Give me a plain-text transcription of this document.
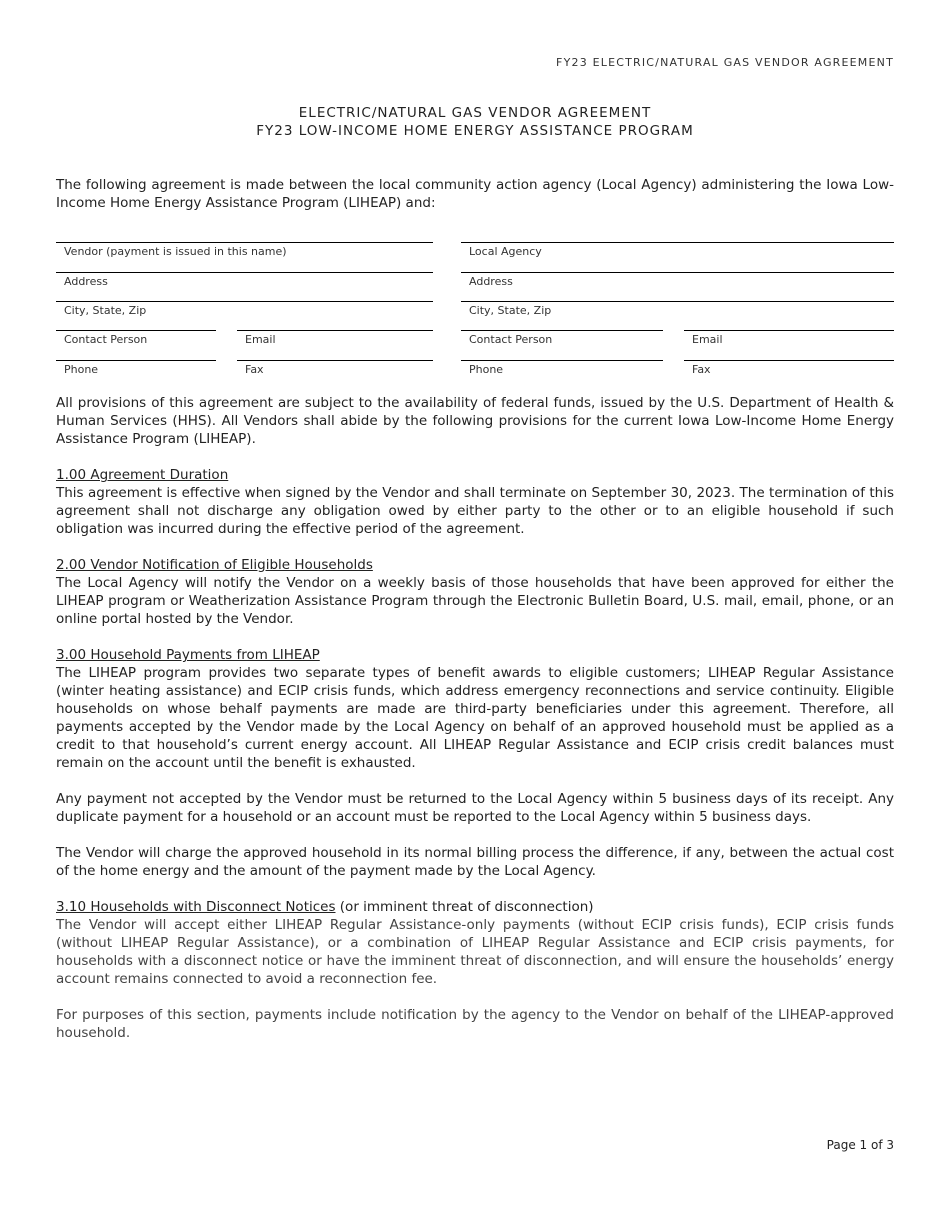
FY23 ELECTRIC/NATURAL GAS VENDOR AGREEMENT
ELECTRIC/NATURAL GAS VENDOR AGREEMENT
FY23 LOW-INCOME HOME ENERGY ASSISTANCE PROGRAM
The following agreement is made between the local community action agency (Local Agency) administering the Iowa Low-Income Home Energy Assistance Program (LIHEAP) and:
Vendor (payment is issued in this name)
Address
City, State, Zip
Contact Person	Email
Phone	Fax
Local Agency
Address
City, State, Zip
Contact Person	Email
Phone	Fax

All provisions of this agreement are subject to the availability of federal funds, issued by the U.S. Department of Health & Human Services (HHS). All Vendors shall abide by the following provisions for the current Iowa Low-Income Home Energy Assistance Program (LIHEAP).

1.00 Agreement Duration
This agreement is effective when signed by the Vendor and shall terminate on September 30, 2023. The termination of this agreement shall not discharge any obligation owed by either party to the other or to an eligible household if such obligation was incurred during the effective period of the agreement.
2.00 Vendor Notification of Eligible Households
The Local Agency will notify the Vendor on a weekly basis of those households that have been approved for either the LIHEAP program or Weatherization Assistance Program through the Electronic Bulletin Board, U.S. mail, email, phone, or an online portal hosted by the Vendor.
3.00 Household Payments from LIHEAP
The LIHEAP program provides two separate types of benefit awards to eligible customers; LIHEAP Regular Assistance (winter heating assistance) and ECIP crisis funds, which address emergency reconnections and service continuity. Eligible households on whose behalf payments are made are third-party beneficiaries under this agreement. Therefore, all payments accepted by the Vendor made by the Local Agency on behalf of an approved household must be applied as a credit to that household’s current energy account. All LIHEAP Regular Assistance and ECIP crisis credit balances must remain on the account until the benefit is exhausted.

Any payment not accepted by the Vendor must be returned to the Local Agency within 5 business days of its receipt. Any duplicate payment for a household or an account must be reported to the Local Agency within 5 business days.

The Vendor will charge the approved household in its normal billing process the difference, if any, between the actual cost of the home energy and the amount of the payment made by the Local Agency.

3.10 Households with Disconnect Notices (or imminent threat of disconnection)
The Vendor will accept either LIHEAP Regular Assistance-only payments (without ECIP crisis funds), ECIP crisis funds (without LIHEAP Regular Assistance), or a combination of LIHEAP Regular Assistance and ECIP crisis payments, for households with a disconnect notice or have the imminent threat of disconnection, and will ensure the households’ energy account remains connected to avoid a reconnection fee.

For purposes of this section, payments include notification by the agency to the Vendor on behalf of the LIHEAP-approved household.

Page 1 of 3
